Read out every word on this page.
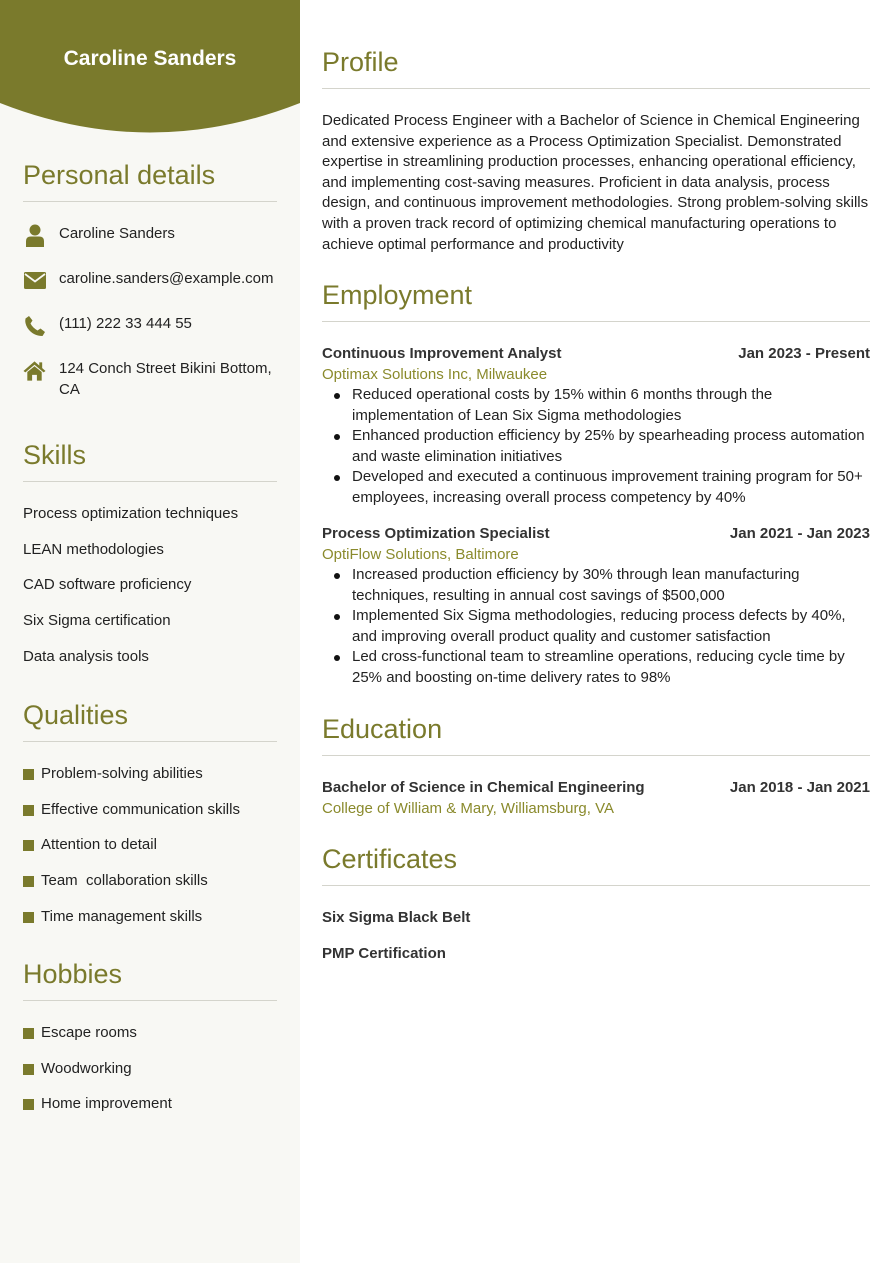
Caroline Sanders
Personal details
Caroline Sanders
caroline.sanders@example.com
(111) 222 33 444 55
124 Conch Street Bikini Bottom, CA
Skills
Process optimization techniques
LEAN methodologies
CAD software proficiency
Six Sigma certification
Data analysis tools
Qualities
Problem-solving abilities
Effective communication skills
Attention to detail
Team  collaboration skills
Time management skills
Hobbies
Escape rooms
Woodworking
Home improvement
Profile
Dedicated Process Engineer with a Bachelor of Science in Chemical Engineering and extensive experience as a Process Optimization Specialist. Demonstrated expertise in streamlining production processes, enhancing operational efficiency, and implementing cost-saving measures. Proficient in data analysis, process design, and continuous improvement methodologies. Strong problem-solving skills with a proven track record of optimizing chemical manufacturing operations to achieve optimal performance and productivity
Employment
Continuous Improvement Analyst	Jan 2023 - Present
Optimax Solutions Inc, Milwaukee
Reduced operational costs by 15% within 6 months through the implementation of Lean Six Sigma methodologies
Enhanced production efficiency by 25% by spearheading process automation and waste elimination initiatives
Developed and executed a continuous improvement training program for 50+ employees, increasing overall process competency by 40%
Process Optimization Specialist	Jan 2021 - Jan 2023
OptiFlow Solutions, Baltimore
Increased production efficiency by 30% through lean manufacturing techniques, resulting in annual cost savings of $500,000
Implemented Six Sigma methodologies, reducing process defects by 40%, and improving overall product quality and customer satisfaction
Led cross-functional team to streamline operations, reducing cycle time by 25% and boosting on-time delivery rates to 98%
Education
Bachelor of Science in Chemical Engineering	Jan 2018 - Jan 2021
College of William & Mary, Williamsburg, VA
Certificates
Six Sigma Black Belt
PMP Certification
